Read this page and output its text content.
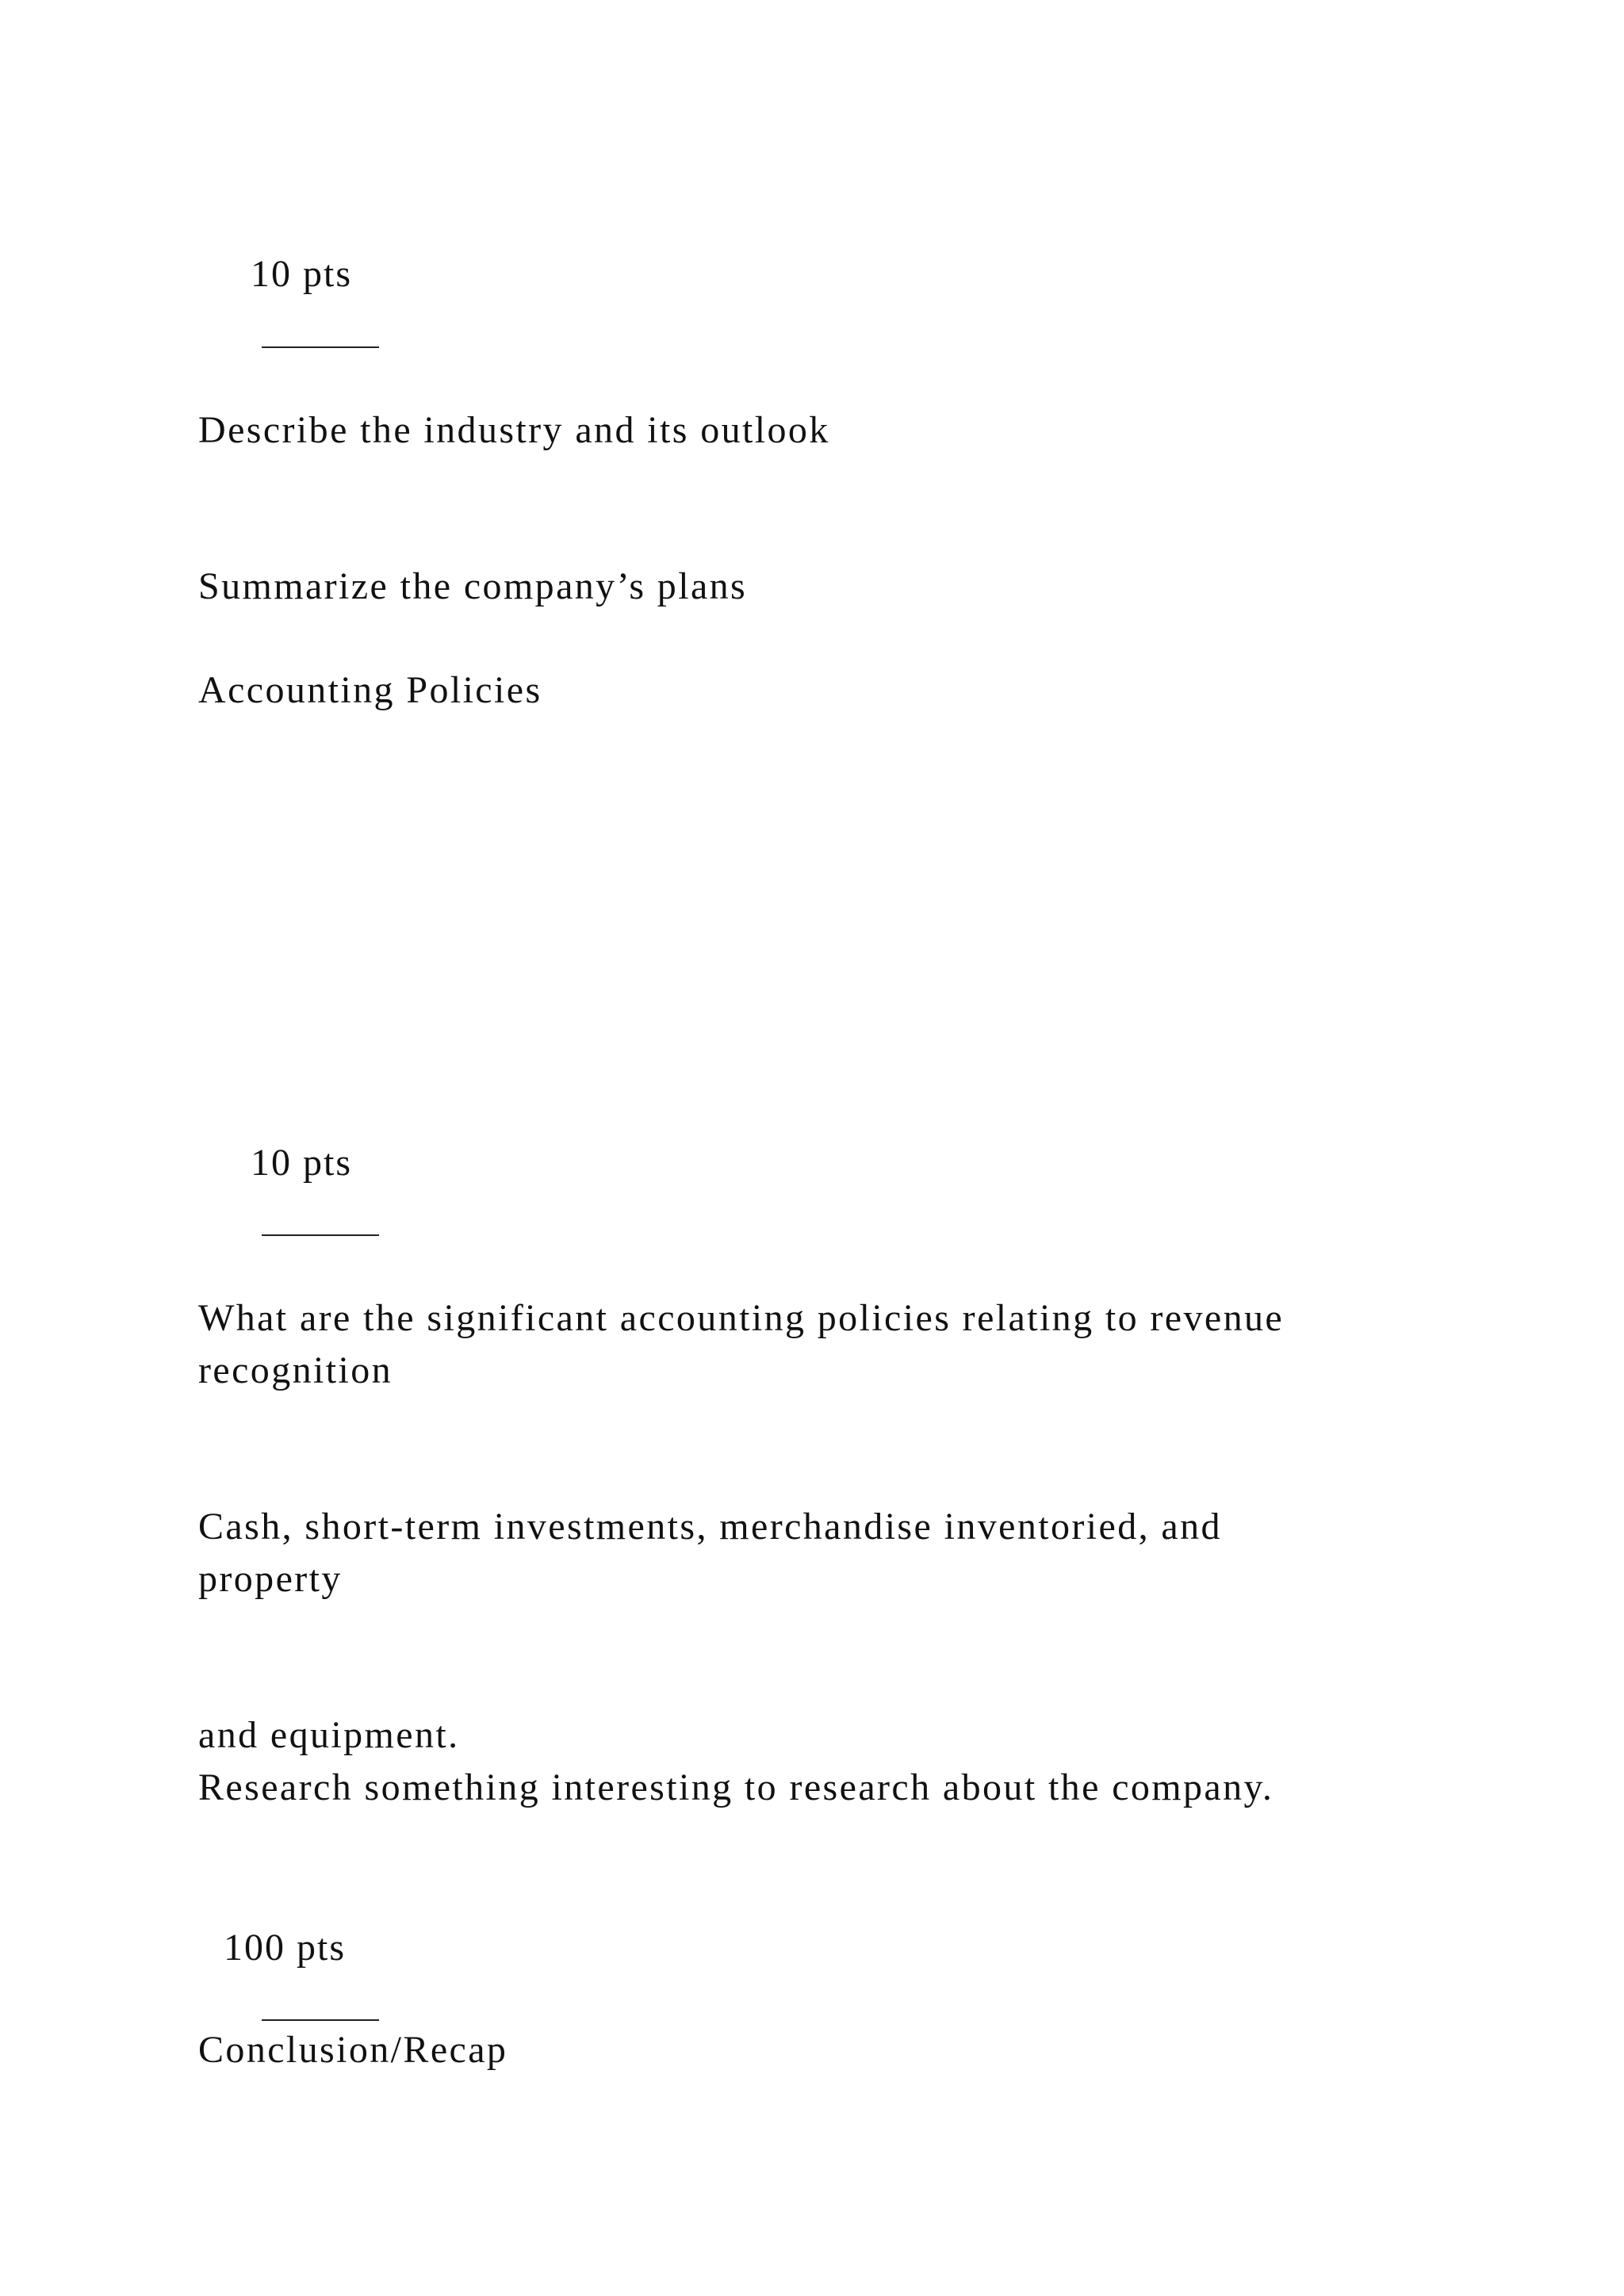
10 pts

Describe the industry and its outlook

Summarize the company’s plans

Accounting Policies

10 pts

What are the significant accounting policies relating to revenue

recognition

Cash, short-term investments, merchandise inventoried, and

property

and equipment.

Research something interesting to research about the company.

100 pts

Conclusion/Recap
